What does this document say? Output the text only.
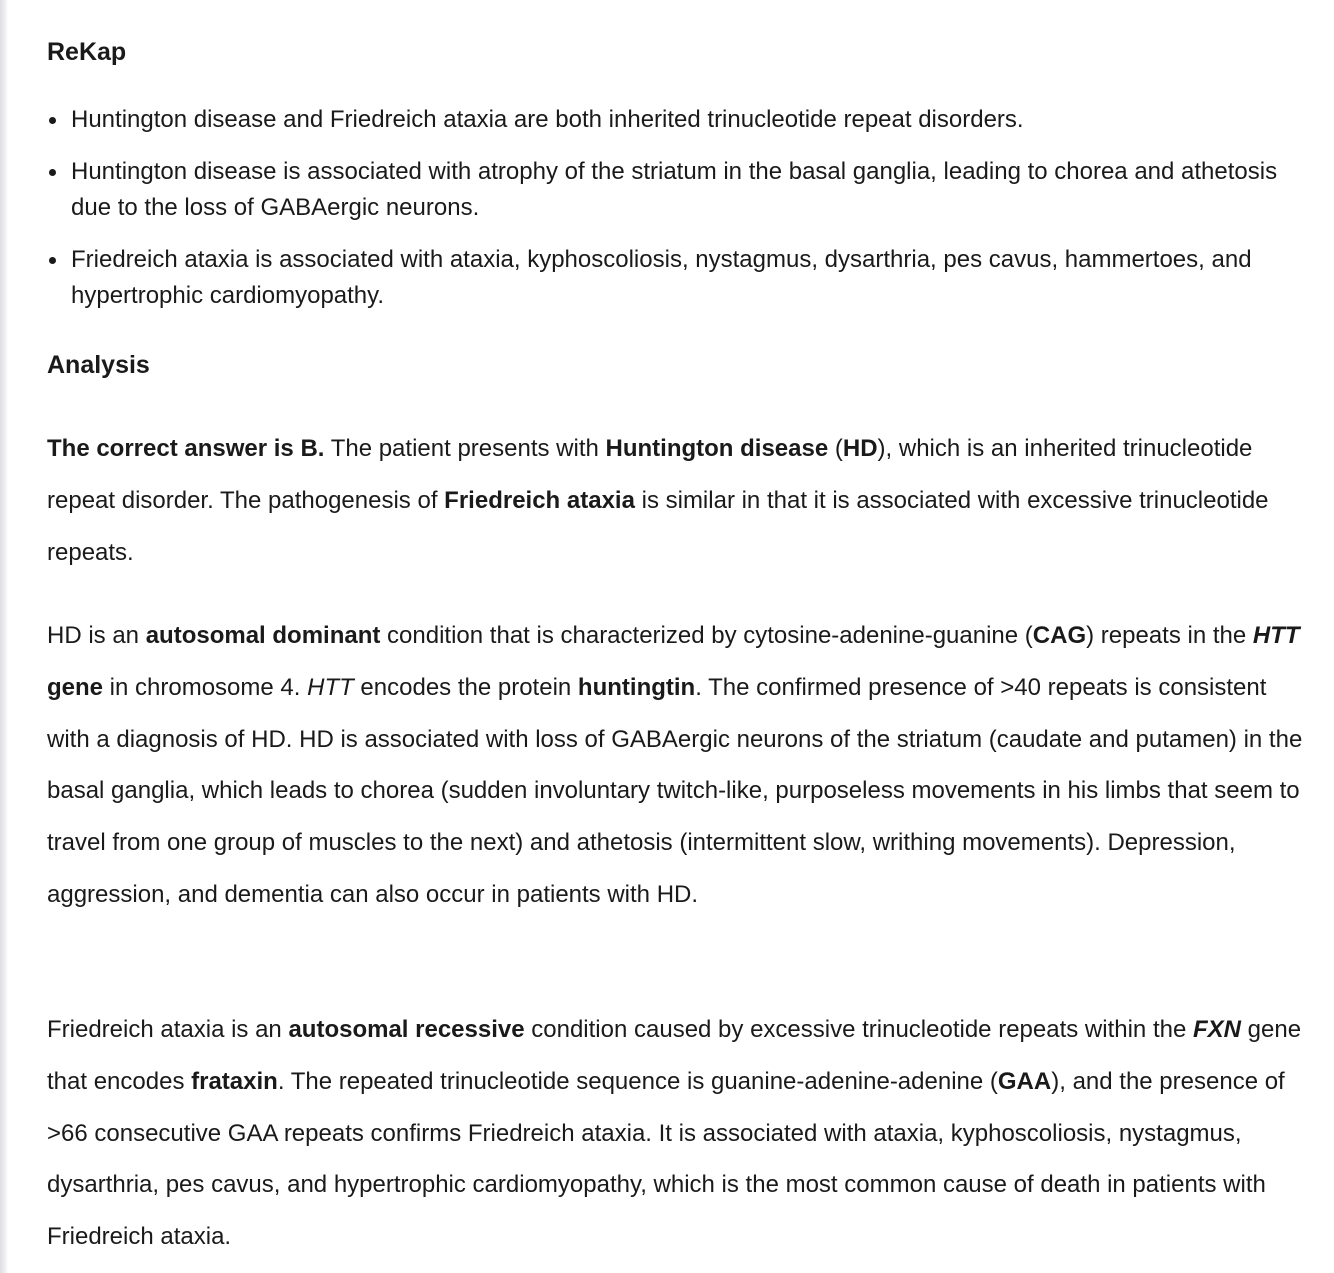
ReKap
Huntington disease and Friedreich ataxia are both inherited trinucleotide repeat disorders.
Huntington disease is associated with atrophy of the striatum in the basal ganglia, leading to chorea and athetosis due to the loss of GABAergic neurons.
Friedreich ataxia is associated with ataxia, kyphoscoliosis, nystagmus, dysarthria, pes cavus, hammertoes, and hypertrophic cardiomyopathy.
Analysis

The correct answer is B. The patient presents with Huntington disease (HD), which is an inherited trinucleotide repeat disorder. The pathogenesis of Friedreich ataxia is similar in that it is associated with excessive trinucleotide repeats.

HD is an autosomal dominant condition that is characterized by cytosine-adenine-guanine (CAG) repeats in the HTT gene in chromosome 4. HTT encodes the protein huntingtin. The confirmed presence of >40 repeats is consistent with a diagnosis of HD. HD is associated with loss of GABAergic neurons of the striatum (caudate and putamen) in the basal ganglia, which leads to chorea (sudden involuntary twitch-like, purposeless movements in his limbs that seem to travel from one group of muscles to the next) and athetosis (intermittent slow, writhing movements). Depression, aggression, and dementia can also occur in patients with HD.

Friedreich ataxia is an autosomal recessive condition caused by excessive trinucleotide repeats within the FXN gene that encodes frataxin. The repeated trinucleotide sequence is guanine-adenine-adenine (GAA), and the presence of >66 consecutive GAA repeats confirms Friedreich ataxia. It is associated with ataxia, kyphoscoliosis, nystagmus, dysarthria, pes cavus, and hypertrophic cardiomyopathy, which is the most common cause of death in patients with Friedreich ataxia.
